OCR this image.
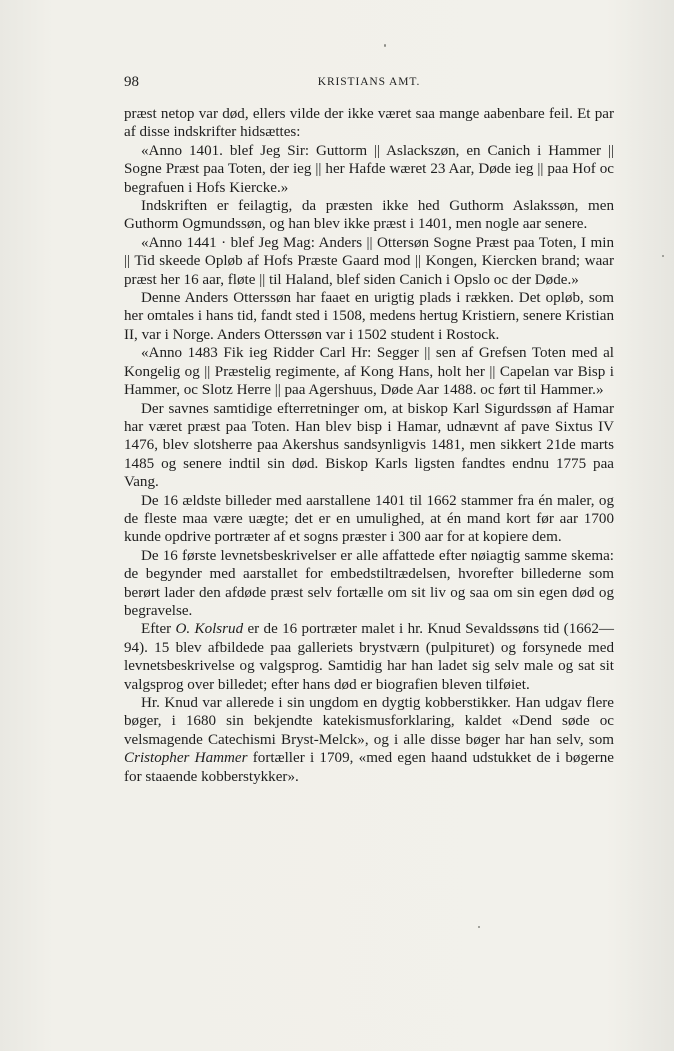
98	KRISTIANS AMT.

præst netop var død, ellers vilde der ikke været saa mange aabenbare feil. Et par af disse indskrifter hidsættes:

«Anno 1401. blef Jeg Sir: Guttorm || Aslackszøn, en Canich i Hammer || Sogne Præst paa Toten, der ieg || her Hafde wæret 23 Aar, Døde ieg || paa Hof oc begrafuen i Hofs Kiercke.»

Indskriften er feilagtig, da præsten ikke hed Guthorm Aslakssøn, men Guthorm Ogmundssøn, og han blev ikke præst i 1401, men nogle aar senere.

«Anno 1441 · blef Jeg Mag: Anders || Ottersøn Sogne Præst paa Toten, I min || Tid skeede Opløb af Hofs Præste Gaard mod || Kongen, Kiercken brand; waar præst her 16 aar, fløte || til Haland, blef siden Canich i Opslo oc der Døde.»

Denne Anders Otterssøn har faaet en urigtig plads i rækken. Det opløb, som her omtales i hans tid, fandt sted i 1508, medens hertug Kristiern, senere Kristian II, var i Norge. Anders Otterssøn var i 1502 student i Rostock.

«Anno 1483 Fik ieg Ridder Carl Hr: Segger || sen af Grefsen Toten med al Kongelig og || Præstelig regimente, af Kong Hans, holt her || Capelan var Bisp i Hammer, oc Slotz Herre || paa Agershuus, Døde Aar 1488. oc ført til Hammer.»

Der savnes samtidige efterretninger om, at biskop Karl Sigurdssøn af Hamar har været præst paa Toten. Han blev bisp i Hamar, udnævnt af pave Sixtus IV 1476, blev slotsherre paa Akershus sandsynligvis 1481, men sikkert 21de marts 1485 og senere indtil sin død. Biskop Karls ligsten fandtes endnu 1775 paa Vang.

De 16 ældste billeder med aarstallene 1401 til 1662 stammer fra én maler, og de fleste maa være uægte; det er en umulighed, at én mand kort før aar 1700 kunde opdrive portræter af et sogns præster i 300 aar for at kopiere dem.

De 16 første levnetsbeskrivelser er alle affattede efter nøiagtig samme skema: de begynder med aarstallet for embedstiltrædelsen, hvorefter billederne som berørt lader den afdøde præst selv fortælle om sit liv og saa om sin egen død og begravelse.

Efter O. Kolsrud er de 16 portræter malet i hr. Knud Sevaldssøns tid (1662—94). 15 blev afbildede paa galleriets brystværn (pulpituret) og forsynede med levnetsbeskrivelse og valgsprog. Samtidig har han ladet sig selv male og sat sit valgsprog over billedet; efter hans død er biografien bleven tilføiet.

Hr. Knud var allerede i sin ungdom en dygtig kobberstikker. Han udgav flere bøger, i 1680 sin bekjendte katekismusforklaring, kaldet «Dend søde oc velsmagende Catechismi Bryst-Melck», og i alle disse bøger har han selv, som Cristopher Hammer fortæller i 1709, «med egen haand udstukket de i bøgerne for staaende kobberstykker».
